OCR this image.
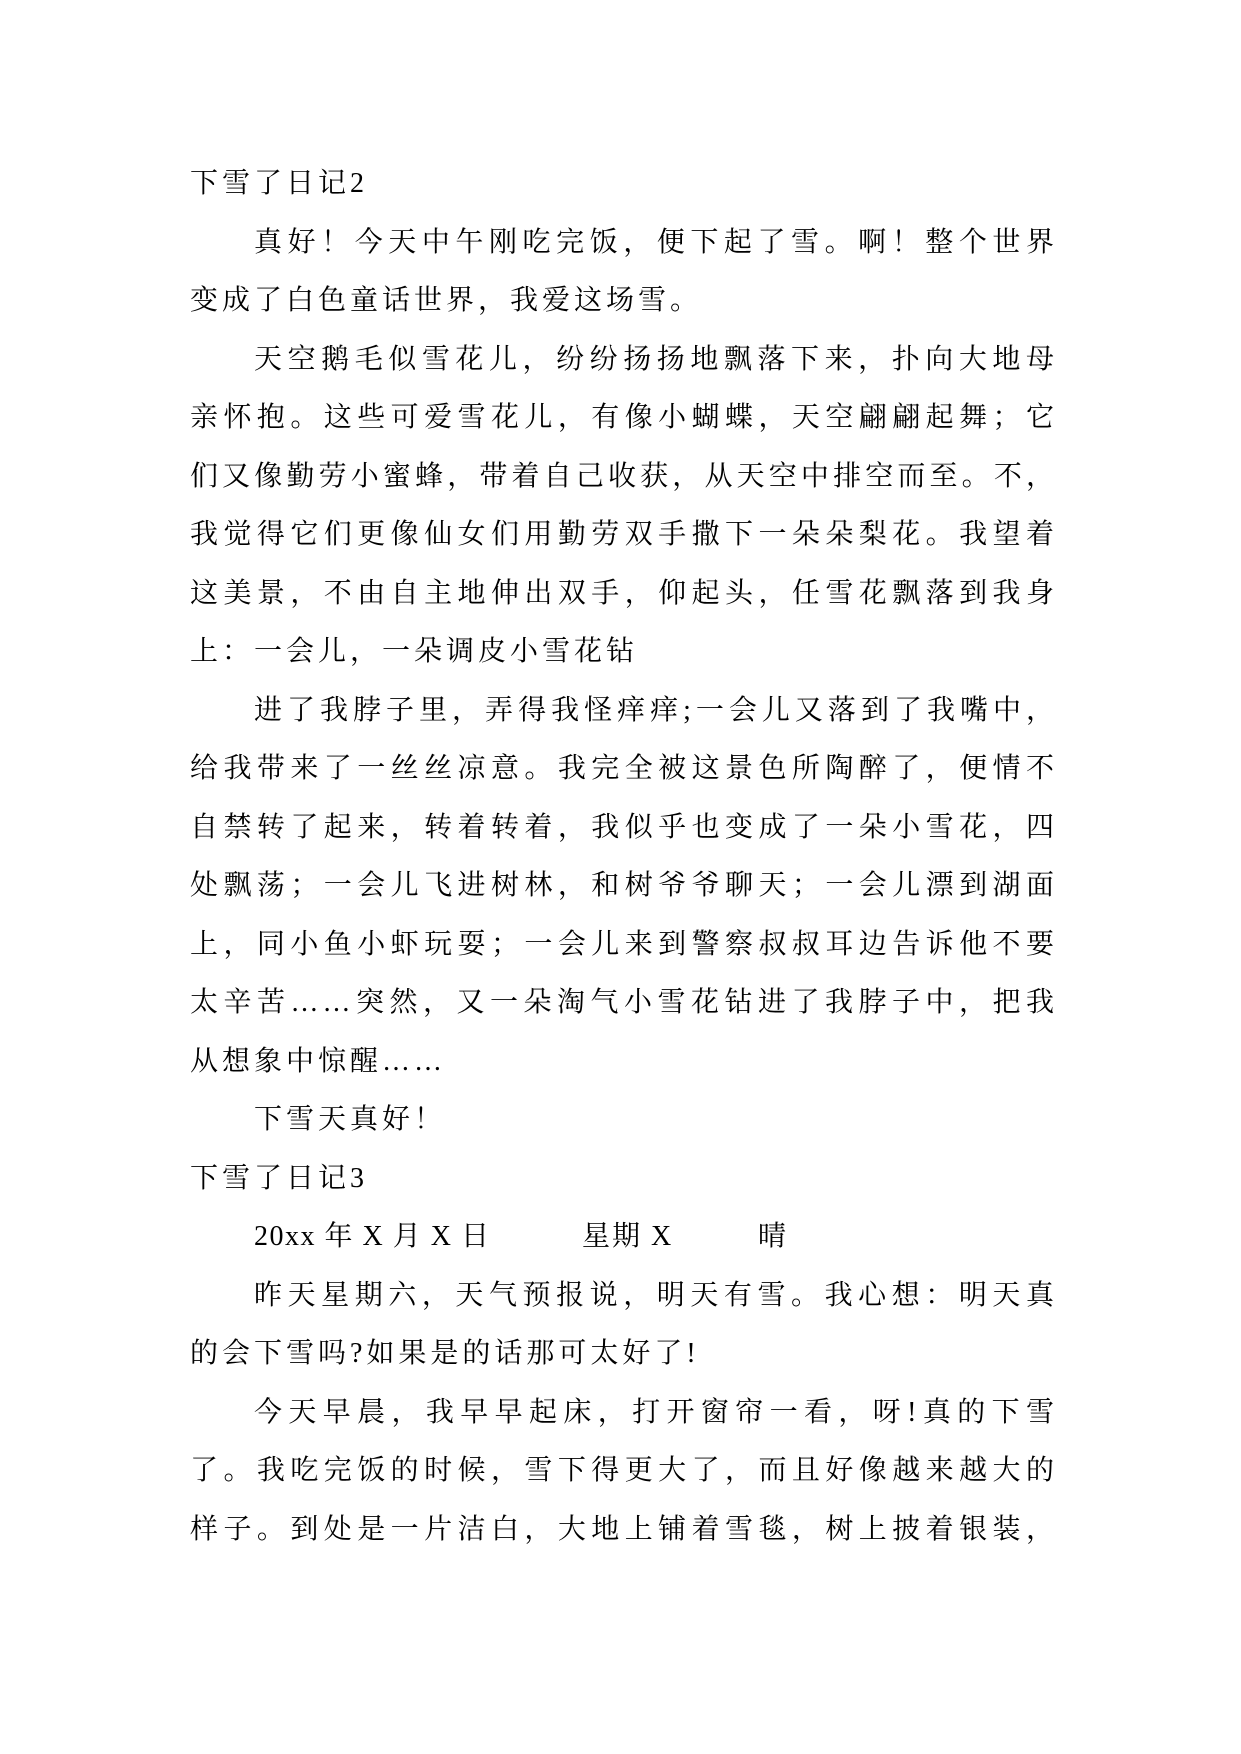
下雪了日记2
真好！今天中午刚吃完饭，便下起了雪。啊！整个世界
变成了白色童话世界，我爱这场雪。
天空鹅毛似雪花儿，纷纷扬扬地飘落下来，扑向大地母
亲怀抱。这些可爱雪花儿，有像小蝴蝶，天空翩翩起舞；它
们又像勤劳小蜜蜂，带着自己收获，从天空中排空而至。不，
我觉得它们更像仙女们用勤劳双手撒下一朵朵梨花。我望着
这美景，不由自主地伸出双手，仰起头，任雪花飘落到我身
上：一会儿，一朵调皮小雪花钻
进了我脖子里，弄得我怪痒痒;一会儿又落到了我嘴中，
给我带来了一丝丝凉意。我完全被这景色所陶醉了，便情不
自禁转了起来，转着转着，我似乎也变成了一朵小雪花，四
处飘荡；一会儿飞进树林，和树爷爷聊天；一会儿漂到湖面
上，同小鱼小虾玩耍；一会儿来到警察叔叔耳边告诉他不要
太辛苦……突然，又一朵淘气小雪花钻进了我脖子中，把我
从想象中惊醒……
下雪天真好！
下雪了日记3
20xx 年 X 月 X 日	星期 X	晴
昨天星期六，天气预报说，明天有雪。我心想：明天真
的会下雪吗?如果是的话那可太好了!
今天早晨，我早早起床，打开窗帘一看，呀!真的下雪
了。我吃完饭的时候，雪下得更大了，而且好像越来越大的
样子。到处是一片洁白，大地上铺着雪毯，树上披着银装，
